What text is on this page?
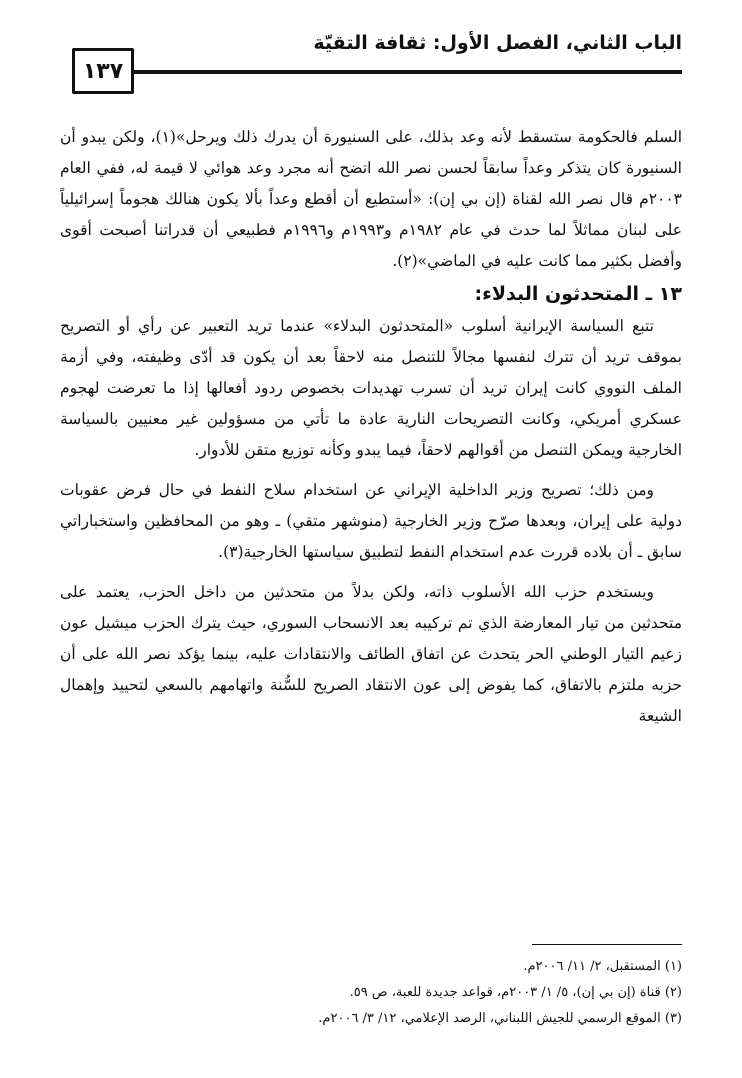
الباب الثاني، الفصل الأول: ثقافة التقيّة
١٣٧

السلم فالحكومة ستسقط لأنه وعد بذلك، على السنيورة أن يدرك ذلك ويرحل»(١)، ولكن يبدو أن السنيورة كان يتذكر وعداً سابقاً لحسن نصر الله اتضح أنه مجرد وعد هوائي لا قيمة له، ففي العام ٢٠٠٣م قال نصر الله لقناة (إن بي إن): «أستطيع أن أقطع وعداً بألا يكون هنالك هجوماً إسرائيلياً على لبنان مماثلاً لما حدث في عام ١٩٨٢م و١٩٩٣م و١٩٩٦م فطبيعي أن قدراتنا أصبحت أقوى وأفضل بكثير مما كانت عليه في الماضي»(٢).

١٣ ـ المتحدثون البدلاء:

تتبع السياسة الإيرانية أسلوب «المتحدثون البدلاء» عندما تريد التعبير عن رأي أو التصريح بموقف تريد أن تترك لنفسها مجالاً للتنصل منه لاحقاً بعد أن يكون قد أدّى وظيفته، وفي أزمة الملف النووي كانت إيران تريد أن تسرب تهديدات بخصوص ردود أفعالها إذا ما تعرضت لهجوم عسكري أمريكي، وكانت التصريحات النارية عادة ما تأتي من مسؤولين غير معنيين بالسياسة الخارجية ويمكن التنصل من أقوالهم لاحقاً، فيما يبدو وكأنه توزيع متقن للأدوار.

ومن ذلك؛ تصريح وزير الداخلية الإيراني عن استخدام سلاح النفط في حال فرض عقوبات دولية على إيران، وبعدها صرّح وزير الخارجية (منوشهر متقي) ـ وهو من المحافظين واستخباراتي سابق ـ أن بلاده قررت عدم استخدام النفط لتطبيق سياستها الخارجية(٣).

ويستخدم حزب الله الأسلوب ذاته، ولكن بدلاً من متحدثين من داخل الحزب، يعتمد على متحدثين من تيار المعارضة الذي تم تركيبه بعد الانسحاب السوري، حيث يترك الحزب ميشيل عون زعيم التيار الوطني الحر يتحدث عن اتفاق الطائف والانتقادات عليه، بينما يؤكد نصر الله على أن حزبه ملتزم بالاتفاق، كما يفوض إلى عون الانتقاد الصريح للسُّنة واتهامهم بالسعي لتحييد وإهمال الشيعة

(١) المستقبل، ٢/ ١١/ ٢٠٠٦م.

(٢) قناة (إن بي إن)، ٥/ ١/ ٢٠٠٣م، قواعد جديدة للعبة، ص ٥٩.

(٣) الموقع الرسمي للجيش اللبناني، الرصد الإعلامي، ١٢/ ٣/ ٢٠٠٦م.
